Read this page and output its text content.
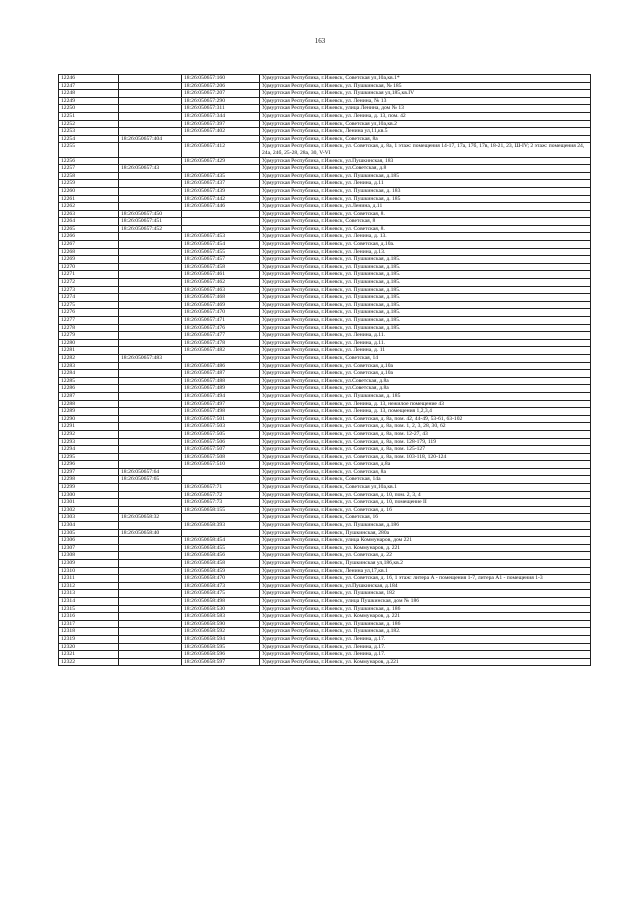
163
12246		18:26:050657:160	Удмуртская Республика, г.Ижевск, Советская ул,10а,кв.1*
12247		18:26:050657:206	Удмуртская Республика, г.Ижевск, ул. Пушкинская, № 185
12248		18:26:050657:207	Удмуртская Республика, г.Ижевск, ул. Пушкинская ул,185,кв.IV
12249		18:26:050657:290	Удмуртская Республика, г.Ижевск, ул. Ленина, № 13
12250		18:26:050657:311	Удмуртская Республика, г.Ижевск, улица Ленина, дом № 13
12251		18:26:050657:344	Удмуртская Республика, г.Ижевск, ул. Ленина, д. 13, пом. 42
12252		18:26:050657:397	Удмуртская Республика, г.Ижевск, Советская ул,10а,кв.2
12253		18:26:050657:402	Удмуртская Республика, г.Ижевск, Ленина ул,11,кв.5
12254	18:26:050657:404		Удмуртская Республика, г.Ижевск, Советская, 8а
12255		18:26:050657:412	Удмуртская Республика, г.Ижевск, ул. Советская, д. 8а, 1 этаж: помещения 14-17, 17а, 17б, 17в, 18-21, 23, Ш-IV; 2 этаж: помещения 24, 24а, 24б, 25-28, 28а, 30, V-VI
12256		18:26:050657:429	Удмуртская Республика, г.Ижевск, ул.Пушкинская, 183
12257	18:26:050657:43		Удмуртская Республика, г.Ижевск, ул.Советская, д.8
12258		18:26:050657:435	Удмуртская Республика, г.Ижевск, ул. Пушкинская, д.185
12259		18:26:050657:437	Удмуртская Республика, г.Ижевск, ул. Ленина, д.11
12260		18:26:050657:439	Удмуртская Республика, г.Ижевск, ул. Пушкинская, д. 183
12261		18:26:050657:442	Удмуртская Республика, г.Ижевск, ул. Пушкинская, д. 185
12262		18:26:050657:446	Удмуртская Республика, г.Ижевск, ул.Ленина, д.11
12263	18:26:050657:450		Удмуртская Республика, г.Ижевск, ул. Советская, 8.
12264	18:26:050657:451		Удмуртская Республика, г.Ижевск, Советская, 8
12265	18:26:050657:452		Удмуртская Республика, г.Ижевск, ул. Советская, 8.
12266		18:26:050657:453	Удмуртская Республика, г.Ижевск, ул. Ленина, д. 13.
12267		18:26:050657:454	Удмуртская Республика, г.Ижевск, ул. Советская, д.10а.
12268		18:26:050657:455	Удмуртская Республика, г.Ижевск, ул. Ленина, д.13.
12269		18:26:050657:457	Удмуртская Республика, г.Ижевск, ул. Пушкинская, д.185.
12270		18:26:050657:458	Удмуртская Республика, г.Ижевск, ул. Пушкинская, д.185.
12271		18:26:050657:461	Удмуртская Республика, г.Ижевск, ул. Пушкинская, д.185.
12272		18:26:050657:462	Удмуртская Республика, г.Ижевск, ул. Пушкинская, д.185.
12273		18:26:050657:463	Удмуртская Республика, г.Ижевск, ул. Пушкинская, д.185.
12274		18:26:050657:468	Удмуртская Республика, г.Ижевск, ул. Пушкинская, д.185.
12275		18:26:050657:469	Удмуртская Республика, г.Ижевск, ул. Пушкинская, д.185.
12276		18:26:050657:470	Удмуртская Республика, г.Ижевск, ул. Пушкинская, д.185.
12277		18:26:050657:471	Удмуртская Республика, г.Ижевск, ул. Пушкинская, д.185.
12278		18:26:050657:476	Удмуртская Республика, г.Ижевск, ул. Пушкинская, д.185.
12279		18:26:050657:477	Удмуртская Республика, г.Ижевск, ул. Ленина, д.11.
12280		18:26:050657:478	Удмуртская Республика, г.Ижевск, ул. Ленина, д.11.
12281		18:26:050657:482	Удмуртская Республика, г.Ижевск, ул. Ленина, д. 11
12282	18:26:050657:483		Удмуртская Республика, г.Ижевск, Советская, 14
12283		18:26:050657:486	Удмуртская Республика, г.Ижевск, ул. Советская, д.10а
12284		18:26:050657:487	Удмуртская Республика, г.Ижевск, ул. Советская, д.10а
12285		18:26:050657:488	Удмуртская Республика, г.Ижевск, ул.Советская, д.8а
12286		18:26:050657:489	Удмуртская Республика, г.Ижевск, ул.Советская, д.8а
12287		18:26:050657:494	Удмуртская Республика, г.Ижевск, ул. Пушкинская, д. 185
12288		18:26:050657:497	Удмуртская Республика, г.Ижевск, ул. Ленина, д. 13, нежилое помещение 43
12289		18:26:050657:498	Удмуртская Республика, г.Ижевск, ул. Ленина, д. 13, помещения 1,2,3,4
12290		18:26:050657:501	Удмуртская Республика, г.Ижевск, ул. Советская, д. 8а, пом. 42, 44-49, 53-61, 63-102
12291		18:26:050657:503	Удмуртская Республика, г.Ижевск, ул. Советская, д. 8а, пом. 1, 2, 3, 28, 30, 62
12292		18:26:050657:505	Удмуртская Республика, г.Ижевск, ул. Советская, д. 8а, пом. 12-27, 43
12293		18:26:050657:506	Удмуртская Республика, г.Ижевск, ул. Советская, д. 8а, пом. 128-179, 119
12294		18:26:050657:507	Удмуртская Республика, г.Ижевск, ул. Советская, д. 8а, пом. 125-127
12295		18:26:050657:508	Удмуртская Республика, г.Ижевск, ул. Советская, д. 8а, пом. 103-118, 120-124
12296		18:26:050657:510	Удмуртская Республика, г.Ижевск, ул. Советская, д.8а
12297	18:26:050657:64		Удмуртская Республика, г.Ижевск, ул. Советская, 8а
12298	18:26:050657:65		Удмуртская Республика, г.Ижевск, Советская, 14а
12299		18:26:050657:71	Удмуртская Республика, г.Ижевск, Советская ул,10а,кв.1
12300		18:26:050657:72	Удмуртская Республика, г.Ижевск, ул. Советская, д. 10, пом. 2, 3, 4
12301		18:26:050657:73	Удмуртская Республика, г.Ижевск, ул. Советская, д. 10, помещение II
12302		18:26:050658:155	Удмуртская Республика, г.Ижевск, ул. Советская, д. 16
12303	18:26:050658:32		Удмуртская Республика, г.Ижевск, Советская, 16
12304		18:26:050658:393	Удмуртская Республика, г.Ижевск, ул. Пушкинская, д.186
12305	18:26:050658:40		Удмуртская Республика, г.Ижевск, Пушкинская, 280а
12306		18:26:050658:454	Удмуртская Республика, г.Ижевск, улица Коммунаров, дом 221
12307		18:26:050658:455	Удмуртская Республика, г.Ижевск, ул. Коммунаров, д. 221
12308		18:26:050658:456	Удмуртская Республика, г.Ижевск, ул. Советская, д. 22
12309		18:26:050658:458	Удмуртская Республика, г.Ижевск, Пушкинская ул,186,кв.2
12310		18:26:050658:459	Удмуртская Республика, г.Ижевск, Ленина ул,17,кв.1
12311		18:26:050658:470	Удмуртская Республика, г.Ижевск, ул. Советская, д. 16, 1 этаж: литера А - помещения 1-7, литера А1 - помещения 1-3
12312		18:26:050658:473	Удмуртская Республика, г.Ижевск, ул.Пушкинская, д.184
12313		18:26:050658:475	Удмуртская Республика, г.Ижевск, ул. Пушкинская, 182
12314		18:26:050658:498	Удмуртская Республика, г.Ижевск, улица Пушкинская, дом № 186
12315		18:26:050658:530	Удмуртская Республика, г.Ижевск, ул. Пушкинская, д. 186
12316		18:26:050658:583	Удмуртская Республика, г.Ижевск, ул. Коммунаров, д. 221
12317		18:26:050658:590	Удмуртская Республика, г.Ижевск, ул. Пушкинская, д. 186
12318		18:26:050658:592	Удмуртская Республика, г.Ижевск, ул. Пушкинская, д.182.
12319		18:26:050658:594	Удмуртская Республика, г.Ижевск, ул. Ленина, д.17.
12320		18:26:050658:595	Удмуртская Республика, г.Ижевск, ул. Ленина, д.17.
12321		18:26:050658:596	Удмуртская Республика, г.Ижевск, ул. Ленина, д.17.
12322		18:26:050658:597	Удмуртская Республика, г.Ижевск, ул. Коммунаров, д.221
